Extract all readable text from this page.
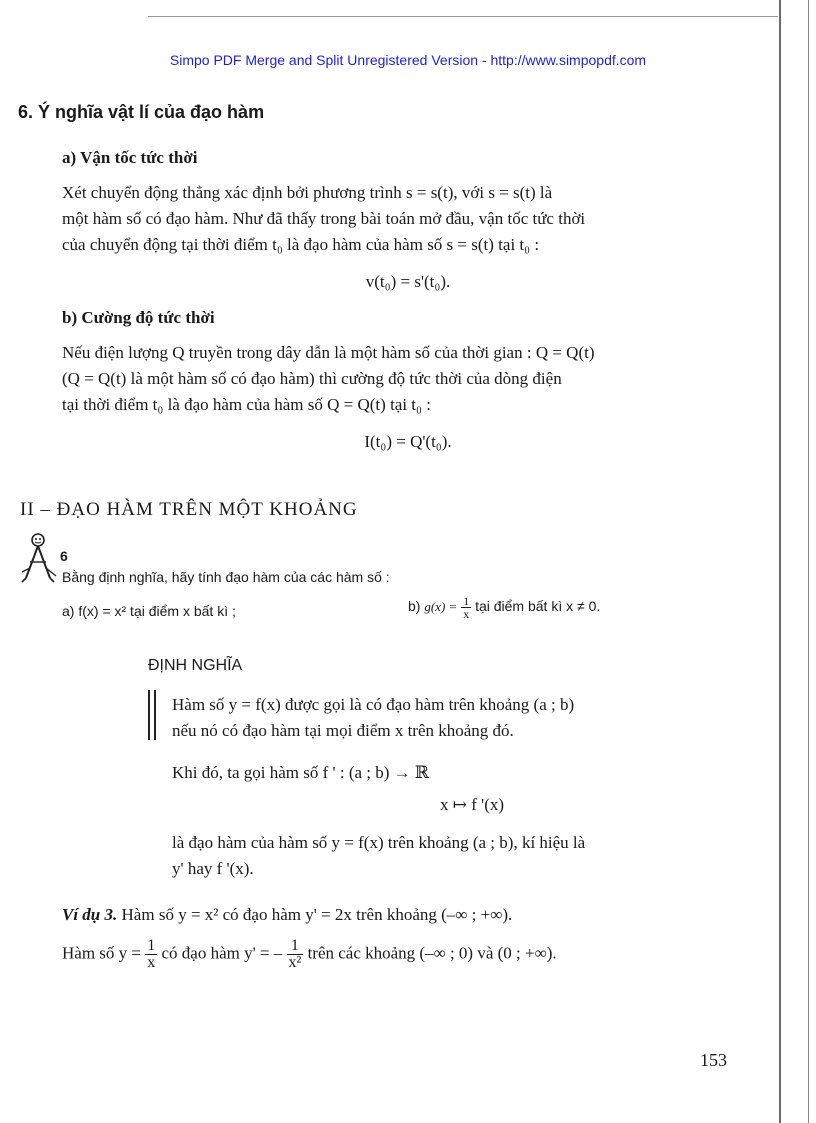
Simpo PDF Merge and Split Unregistered Version - http://www.simpopdf.com
6. Ý nghĩa vật lí của đạo hàm
a) Vận tốc tức thời
Xét chuyển động thẳng xác định bởi phương trình s = s(t), với s = s(t) là
một hàm số có đạo hàm. Như đã thấy trong bài toán mở đầu, vận tốc tức thời
của chuyển động tại thời điểm t₀ là đạo hàm của hàm số s = s(t) tại t₀ :
v(t₀) = s'(t₀).
b) Cường độ tức thời
Nếu điện lượng Q truyền trong dây dẫn là một hàm số của thời gian : Q = Q(t)
(Q = Q(t) là một hàm số có đạo hàm) thì cường độ tức thời của dòng điện
tại thời điểm t₀ là đạo hàm của hàm số Q = Q(t) tại t₀ :
I(t₀) = Q'(t₀).
II – ĐẠO HÀM TRÊN MỘT KHOẢNG
6
Bằng định nghĩa, hãy tính đạo hàm của các hàm số :
a) f(x) = x² tại điểm x bất kì ;	b) $g(x) = \frac{1}{x}$ tại điểm bất kì x ≠ 0.
ĐỊNH NGHĨA
Hàm số y = f(x) được gọi là có đạo hàm trên khoảng (a ; b)
nếu nó có đạo hàm tại mọi điểm x trên khoảng đó.
Khi đó, ta gọi hàm số f ' : (a ; b) → ℝ
x ↦ f '(x)
là đạo hàm của hàm số y = f(x) trên khoảng (a ; b), kí hiệu là
y' hay f '(x).
Ví dụ 3. Hàm số y = x² có đạo hàm y' = 2x trên khoảng (–∞ ; +∞).
Hàm số $y = \frac{1}{x}$ có đạo hàm y' = – $\frac{1}{\text{x²}}$ trên các khoảng (–∞ ; 0) và (0 ; +∞).
153
